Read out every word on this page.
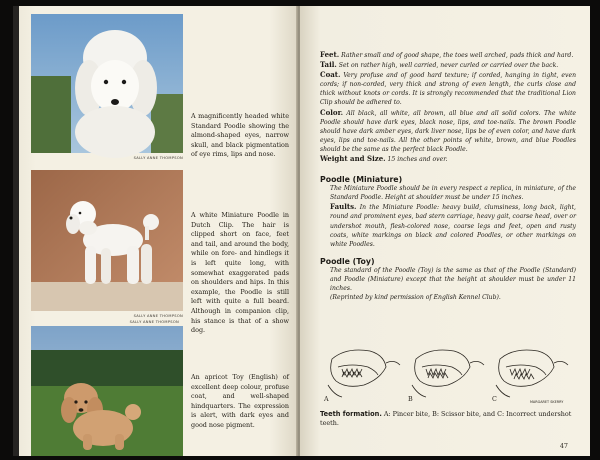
SALLY ANNE THOMPSON
A magnificently headed white Standard Poodle showing the almond-shaped eyes, narrow skull, and black pigmentation of eye rims, lips and nose.
SALLY ANNE THOMPSON
A white Miniature Poodle in Dutch Clip. The hair is clipped short on face, feet and tail, and around the body, while on fore- and hindlegs it is left quite long, with somewhat exaggerated pads on shoulders and hips. In this example, the Poodle is still left with quite a full beard. Although in companion clip, his stance is that of a show dog.
SALLY ANNE THOMPSON
An apricot Toy (English) of excellent deep colour, profuse coat, and well-shaped hindquarters. The expression is alert, with dark eyes and good nose pigment.

Feet. Rather small and of good shape, the toes well arched, pads thick and hard.

Tail. Set on rather high, well carried, never curled or carried over the back.

Coat. Very profuse and of good hard texture; if corded, hanging in tight, even cords; if non-corded, very thick and strong of even length, the curls close and thick without knots or cords. It is strongly recommended that the traditional Lion Clip should be adhered to.

Color. All black, all white, all brown, all blue and all solid colors. The white Poodle should have dark eyes, black nose, lips, and toe-nails. The brown Poodle should have dark amber eyes, dark liver nose, lips be of even color, and have dark eyes, lips and toe-nails. All the other points of white, brown, and blue Poodles should be the same as the perfect black Poodle.

Weight and Size. 15 inches and over.

Poodle (Miniature)

The Miniature Poodle should be in every respect a replica, in miniature, of the Standard Poodle. Height at shoulder must be under 15 inches.

Faults. In the Miniature Poodle: heavy build, clumsiness, long back, light, round and prominent eyes, bad stern carriage, heavy gait, coarse head, over or undershot mouth, flesh-colored nose, coarse legs and feet, open and rusty coats, white markings on black and colored Poodles, or other markings on white Poodles.

Poodle (Toy)

The standard of the Poodle (Toy) is the same as that of the Poodle (Standard) and Poodle (Miniature) except that the height at shoulder must be under 11 inches.

(Reprinted by kind permission of English Kennel Club).

A	B	C	MARGARET SKERRY
Teeth formation. A: Pincer bite, B: Scissor bite, and C: Incorrect undershot teeth.
47
